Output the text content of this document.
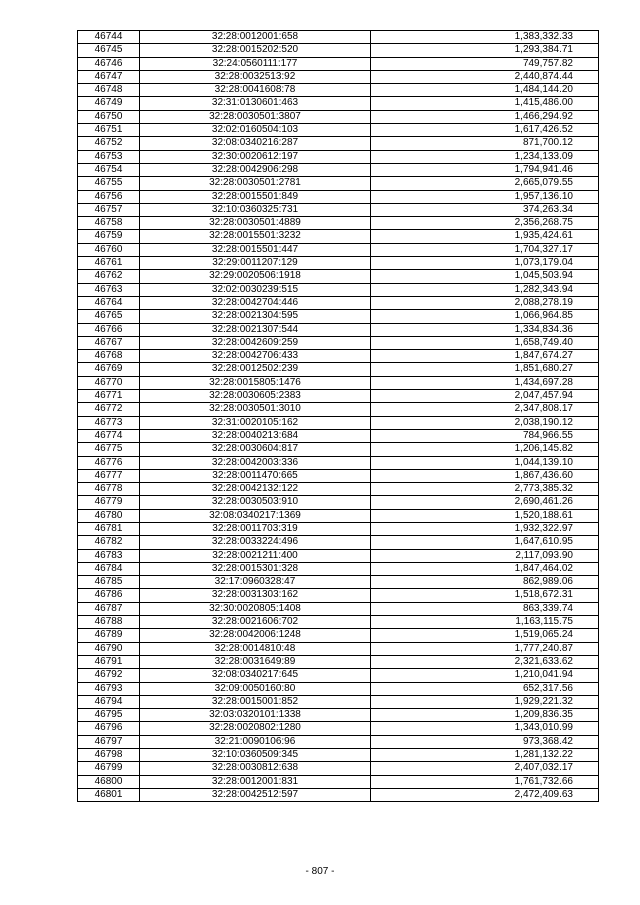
46744	32:28:0012001:658	1,383,332.33
46745	32:28:0015202:520	1,293,384.71
46746	32:24:0560111:177	749,757.82
46747	32:28:0032513:92	2,440,874.44
46748	32:28:0041608:78	1,484,144.20
46749	32:31:0130601:463	1,415,486.00
46750	32:28:0030501:3807	1,466,294.92
46751	32:02:0160504:103	1,617,426.52
46752	32:08:0340216:287	871,700.12
46753	32:30:0020612:197	1,234,133.09
46754	32:28:0042906:298	1,794,941.46
46755	32:28:0030501:2781	2,665,079.55
46756	32:28:0015501:849	1,957,136.10
46757	32:10:0360325:731	374,263.34
46758	32:28:0030501:4889	2,356,268.75
46759	32:28:0015501:3232	1,935,424.61
46760	32:28:0015501:447	1,704,327.17
46761	32:29:0011207:129	1,073,179.04
46762	32:29:0020506:1918	1,045,503.94
46763	32:02:0030239:515	1,282,343.94
46764	32:28:0042704:446	2,088,278.19
46765	32:28:0021304:595	1,066,964.85
46766	32:28:0021307:544	1,334,834.36
46767	32:28:0042609:259	1,658,749.40
46768	32:28:0042706:433	1,847,674.27
46769	32:28:0012502:239	1,851,680.27
46770	32:28:0015805:1476	1,434,697.28
46771	32:28:0030605:2383	2,047,457.94
46772	32:28:0030501:3010	2,347,808.17
46773	32:31:0020105:162	2,038,190.12
46774	32:28:0040213:684	784,966.55
46775	32:28:0030604:817	1,206,145.82
46776	32:28:0042003:336	1,044,139.10
46777	32:28:0011470:665	1,867,436.60
46778	32:28:0042132:122	2,773,385.32
46779	32:28:0030503:910	2,690,461.26
46780	32:08:0340217:1369	1,520,188.61
46781	32:28:0011703:319	1,932,322.97
46782	32:28:0033224:496	1,647,610.95
46783	32:28:0021211:400	2,117,093.90
46784	32:28:0015301:328	1,847,464.02
46785	32:17:0960328:47	862,989.06
46786	32:28:0031303:162	1,518,672.31
46787	32:30:0020805:1408	863,339.74
46788	32:28:0021606:702	1,163,115.75
46789	32:28:0042006:1248	1,519,065.24
46790	32:28:0014810:48	1,777,240.87
46791	32:28:0031649:89	2,321,633.62
46792	32:08:0340217:645	1,210,041.94
46793	32:09:0050160:80	652,317.56
46794	32:28:0015001:852	1,929,221.32
46795	32:03:0320101:1338	1,209,836.35
46796	32:28:0020802:1280	1,343,010.99
46797	32:21:0090106:96	973,368.42
46798	32:10:0360509:345	1,281,132.22
46799	32:28:0030812:638	2,407,032.17
46800	32:28:0012001:831	1,761,732.66
46801	32:28:0042512:597	2,472,409.63
- 807 -
